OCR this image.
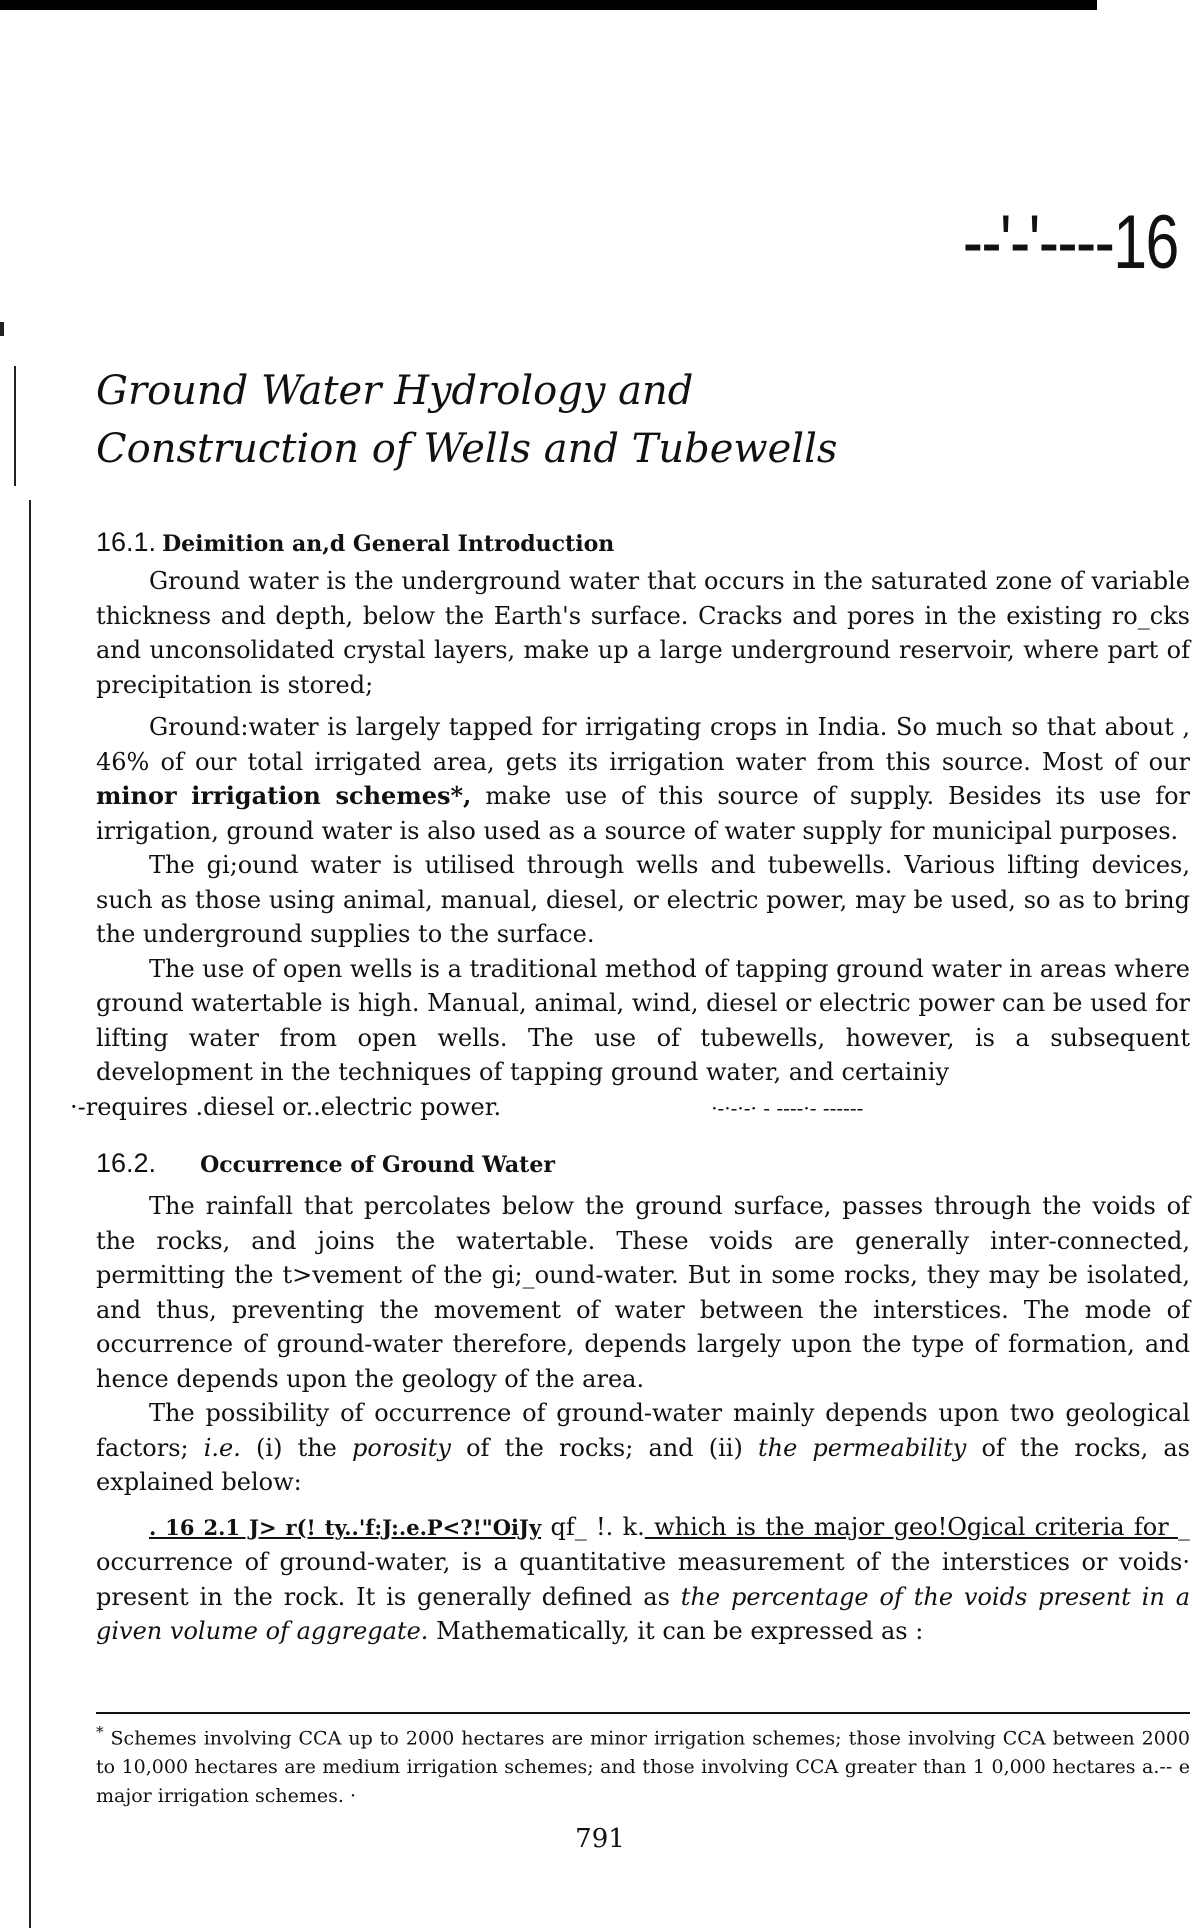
--'-'----16
Ground Water Hydrology and
Construction of Wells and Tubewells
16.1. Deimition an,d General Introduction

Ground water is the underground water that occurs in the saturated zone of variable thickness and depth, below the Earth's surface. Cracks and pores in the existing ro_cks and unconsolidated crystal layers, make up a large underground reservoir, where part of precipitation is stored;

Ground:water is largely tapped for irrigating crops in India. So much so that about , 46% of our total irrigated area, gets its irrigation water from this source. Most of our minor irrigation schemes*, make use of this source of supply. Besides its use for irrigation, ground water is also used as a source of water supply for municipal purposes.

The gi;ound water is utilised through wells and tubewells. Various lifting devices, such as those using animal, manual, diesel, or electric power, may be used, so as to bring the underground supplies to the surface.

The use of open wells is a traditional method of tapping ground water in areas where ground watertable is high. Manual, animal, wind, diesel or electric power can be used for lifting water from open wells. The use of tubewells, however, is a subsequent development in the techniques of tapping ground water, and certainiy

·-requires .diesel or..electric power.	·-·-·-· - ----·- ------
16.2. Occurrence of Ground Water

The rainfall that percolates below the ground surface, passes through the voids of the rocks, and joins the watertable. These voids are generally inter-connected, permitting the t>vement of the gi;_ound-water. But in some rocks, they may be isolated, and thus, preventing the movement of water between the interstices. The mode of occurrence of ground-water therefore, depends largely upon the type of formation, and hence depends upon the geology of the area.

The possibility of occurrence of ground-water mainly depends upon two geological factors; i.e. (i) the porosity of the rocks; and (ii) the permeability of the rocks, as explained below:

. 16 2.1 J> r(! ty..'f:J:.e.P<?!"OiJy qf_ !. k. which is the major geo!Ogical criteria for _ occurrence of ground-water, is a quantitative measurement of the interstices or voids· present in the rock. It is generally defined as the percentage of the voids present in a given volume of aggregate. Mathematically, it can be expressed as :

* Schemes involving CCA up to 2000 hectares are minor irrigation schemes; those involving CCA between 2000 to 10,000 hectares are medium irrigation schemes; and those involving CCA greater than 1 0,000 hectares a.-- e major irrigation schemes. ·
791
